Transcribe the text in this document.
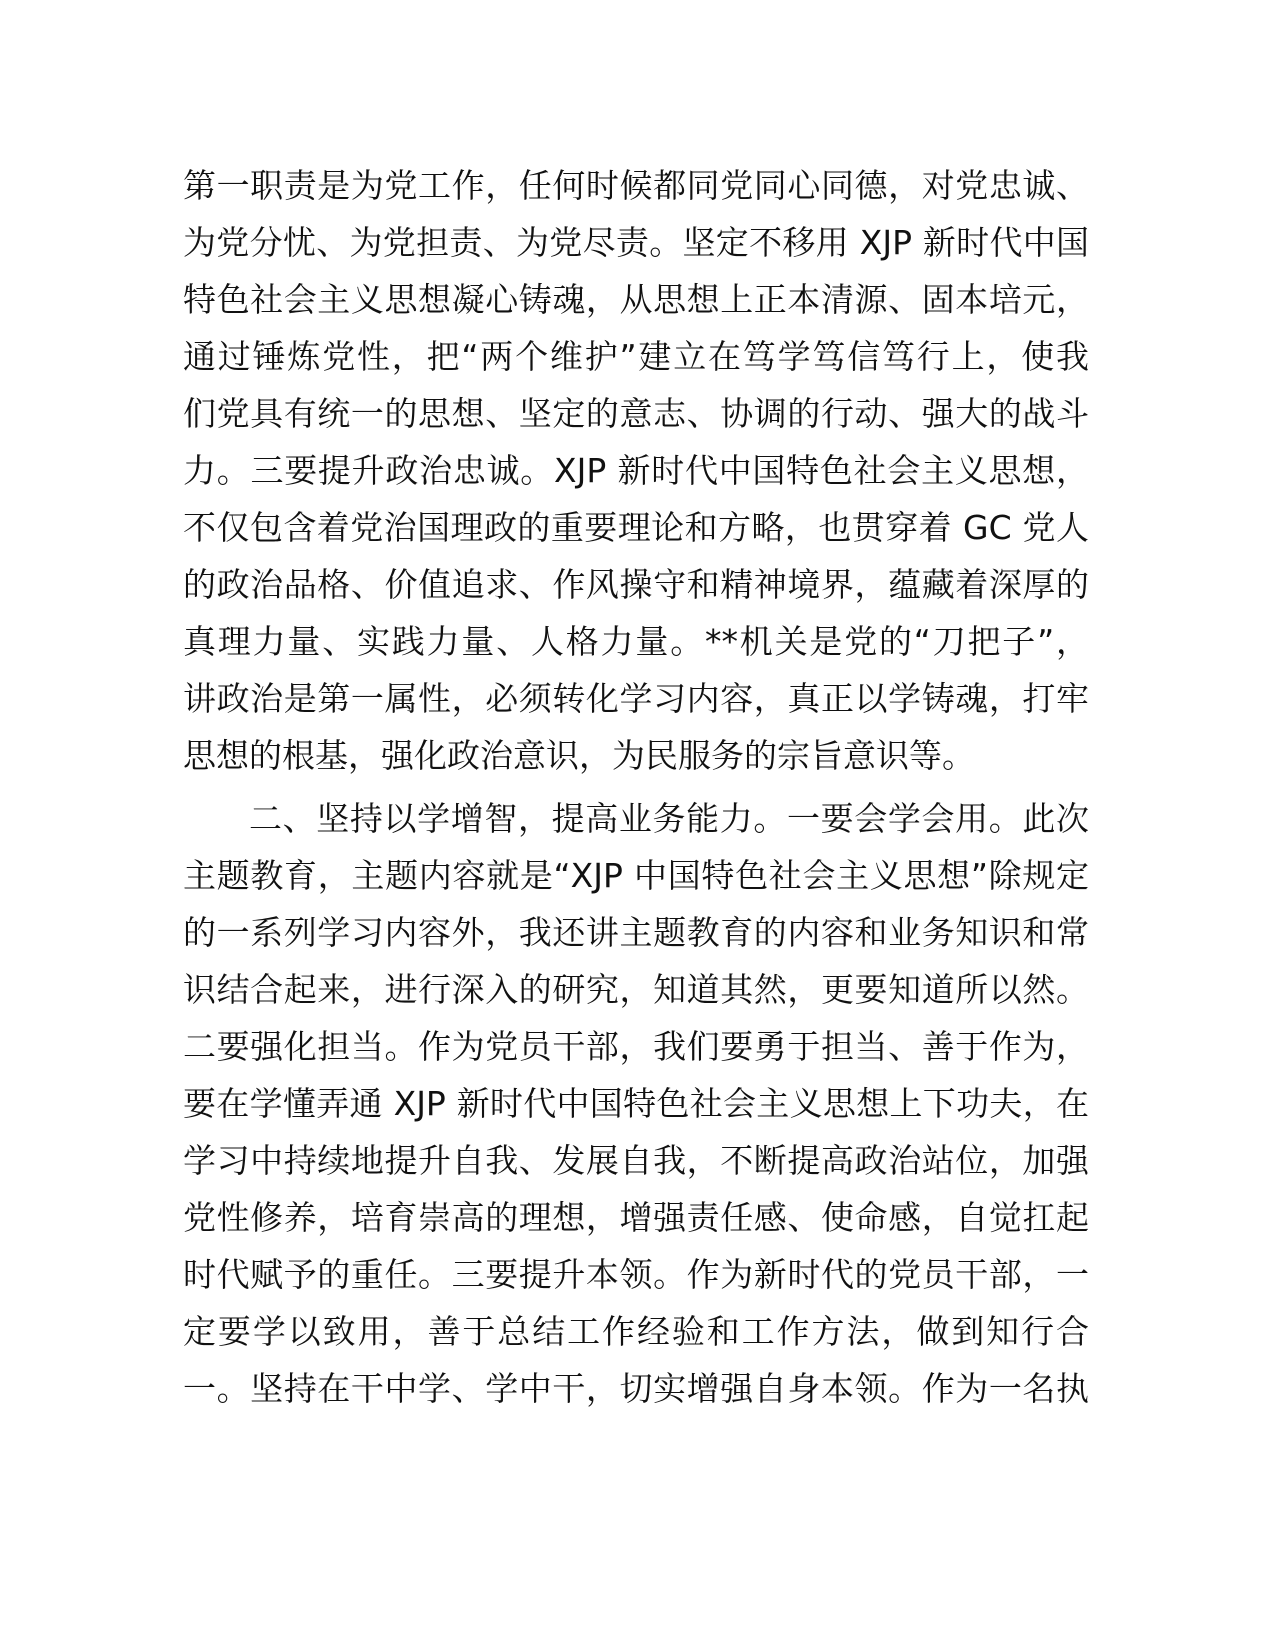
第一职责是为党工作，任何时候都同党同心同德，对党忠诚、
为党分忧、为党担责、为党尽责。坚定不移用 XJP 新时代中国
特色社会主义思想凝心铸魂，从思想上正本清源、固本培元，
通过锤炼党性，把“两个维护”建立在笃学笃信笃行上，使我
们党具有统一的思想、坚定的意志、协调的行动、强大的战斗
力。三要提升政治忠诚。XJP 新时代中国特色社会主义思想，
不仅包含着党治国理政的重要理论和方略，也贯穿着 GC 党人
的政治品格、价值追求、作风操守和精神境界，蕴藏着深厚的
真理力量、实践力量、人格力量。**机关是党的“刀把子”，
讲政治是第一属性，必须转化学习内容，真正以学铸魂，打牢
思想的根基，强化政治意识，为民服务的宗旨意识等。
二、坚持以学增智，提高业务能力。一要会学会用。此次
主题教育，主题内容就是“XJP 中国特色社会主义思想”除规定
的一系列学习内容外，我还讲主题教育的内容和业务知识和常
识结合起来，进行深入的研究，知道其然，更要知道所以然。
二要强化担当。作为党员干部，我们要勇于担当、善于作为，
要在学懂弄通 XJP 新时代中国特色社会主义思想上下功夫，在
学习中持续地提升自我、发展自我，不断提高政治站位，加强
党性修养，培育崇高的理想，增强责任感、使命感，自觉扛起
时代赋予的重任。三要提升本领。作为新时代的党员干部，一
定要学以致用，善于总结工作经验和工作方法，做到知行合
一。坚持在干中学、学中干，切实增强自身本领。作为一名执
